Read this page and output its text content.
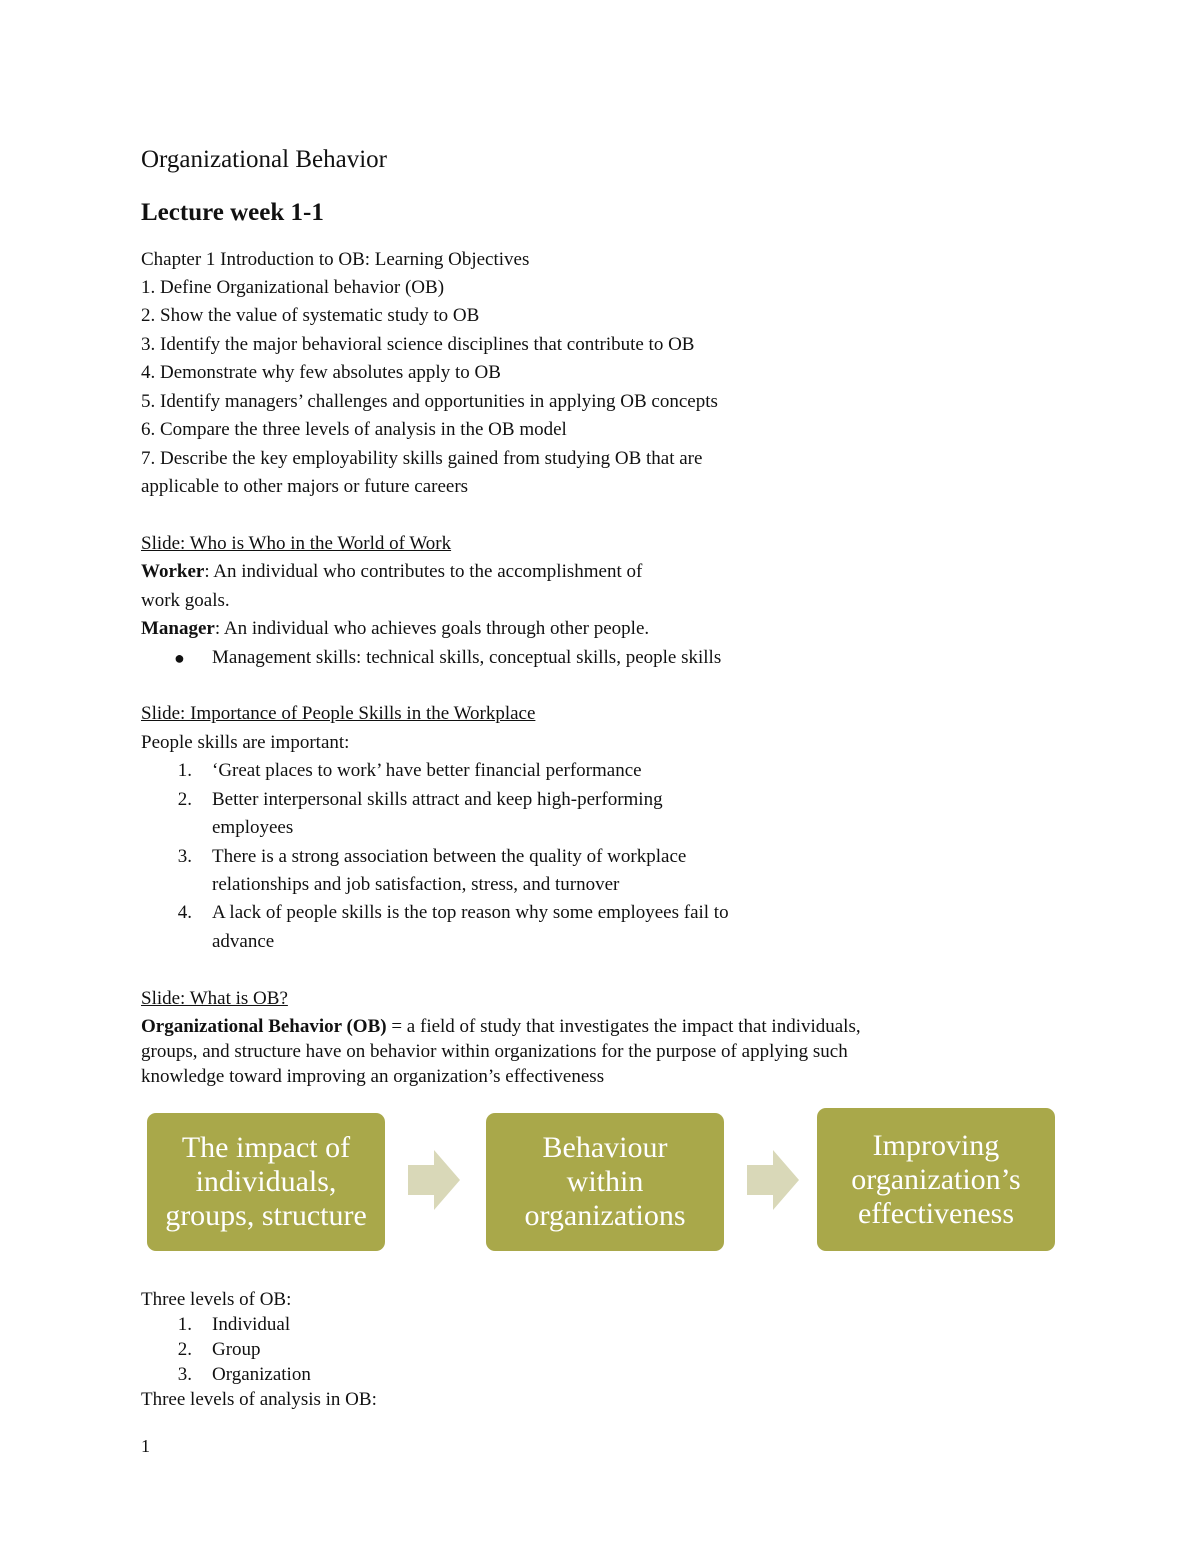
Organizational Behavior
Lecture week 1-1
Chapter 1 Introduction to OB: Learning Objectives
1. Define Organizational behavior (OB)
2. Show the value of systematic study to OB
3. Identify the major behavioral science disciplines that contribute to OB
4. Demonstrate why few absolutes apply to OB
5. Identify managers’ challenges and opportunities in applying OB concepts
6. Compare the three levels of analysis in the OB model
7. Describe the key employability skills gained from studying OB that are
applicable to other majors or future careers
Slide: Who is Who in the World of Work
Worker: An individual who contributes to the accomplishment of
work goals.
Manager: An individual who achieves goals through other people.
● Management skills: technical skills, conceptual skills, people skills
Slide: Importance of People Skills in the Workplace
People skills are important:
1. ‘Great places to work’ have better financial performance
2. Better interpersonal skills attract and keep high-performing
employees
3. There is a strong association between the quality of workplace
relationships and job satisfaction, stress, and turnover
4. A lack of people skills is the top reason why some employees fail to
advance
Slide: What is OB?
Organizational Behavior (OB) = a field of study that investigates the impact that individuals,
groups, and structure have on behavior within organizations for the purpose of applying such
knowledge toward improving an organization’s effectiveness
The impact of
individuals,
groups, structure
Behaviour
within
organizations
Improving
organization’s
effectiveness
Three levels of OB:
1. Individual
2. Group
3. Organization
Three levels of analysis in OB:
1
